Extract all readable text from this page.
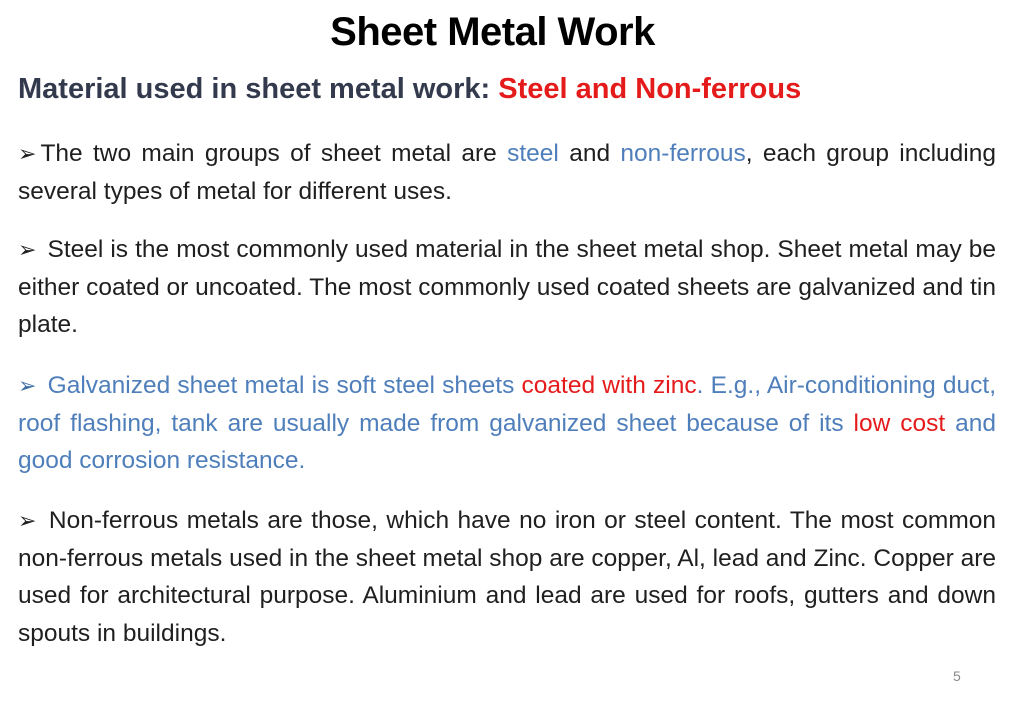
Sheet Metal Work
Material used in sheet metal work: Steel and Non-ferrous
➢ The two main groups of sheet metal are steel and non-ferrous, each group including several types of metal for different uses.
➢ Steel is the most commonly used material in the sheet metal shop. Sheet metal may be either coated or uncoated. The most commonly used coated sheets are galvanized and tin plate.
➢ Galvanized sheet metal is soft steel sheets coated with zinc. E.g., Air-conditioning duct, roof flashing, tank are usually made from galvanized sheet because of its low cost and good corrosion resistance.
➢ Non-ferrous metals are those, which have no iron or steel content. The most common non-ferrous metals used in the sheet metal shop are copper, Al, lead and Zinc. Copper are used for architectural purpose. Aluminium and lead are used for roofs, gutters and down spouts in buildings.
5
